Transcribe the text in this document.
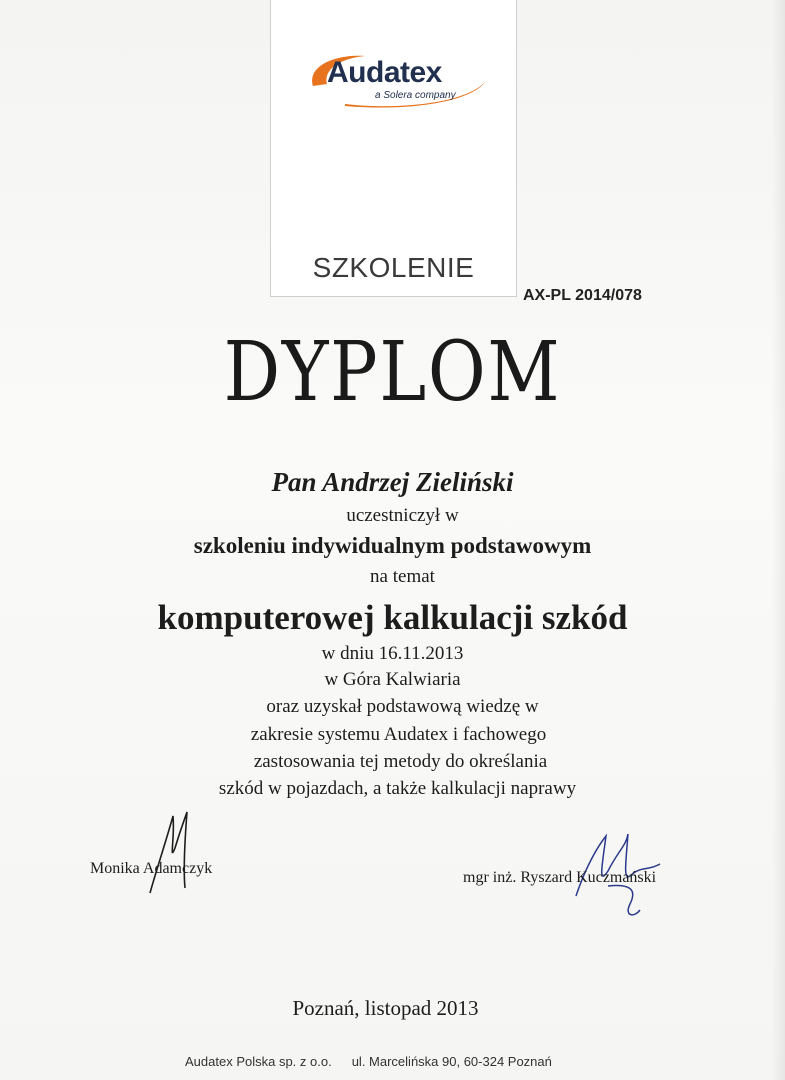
Audatex
a Solera company
SZKOLENIE
AX-PL 2014/078
DYPLOM
Pan Andrzej Zieliński
uczestniczył w
szkoleniu indywidualnym podstawowym
na temat
komputerowej kalkulacji szkód
w dniu 16.11.2013
w Góra Kalwiaria
oraz uzyskał podstawową wiedzę w
zakresie systemu Audatex i fachowego
zastosowania tej metody do określania
szkód w pojazdach, a także kalkulacji naprawy
Monika Adamczyk
mgr inż. Ryszard Kuczmański
Poznań, listopad 2013
Audatex Polska sp. z o.o. ul. Marcelińska 90, 60-324 Poznań
